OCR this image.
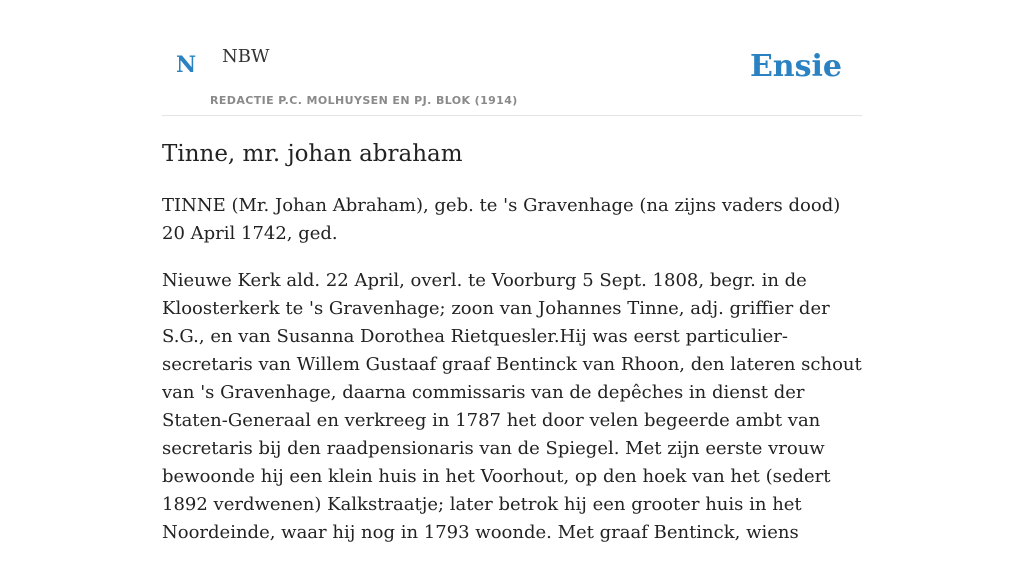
N NBW
REDACTIE P.C. MOLHUYSEN EN PJ. BLOK (1914)
Ensie
Tinne, mr. johan abraham

TINNE (Mr. Johan Abraham), geb. te 's Gravenhage (na zijns vaders dood) 20 April 1742, ged.

Nieuwe Kerk ald. 22 April, overl. te Voorburg 5 Sept. 1808, begr. in de Kloosterkerk te 's Gravenhage; zoon van Johannes Tinne, adj. griffier der S.G., en van Susanna Dorothea Rietquesler.Hij was eerst particulier-secretaris van Willem Gustaaf graaf Bentinck van Rhoon, den lateren schout van 's Gravenhage, daarna commissaris van de depêches in dienst der Staten-Generaal en verkreeg in 1787 het door velen begeerde ambt van secretaris bij den raadpensionaris van de Spiegel. Met zijn eerste vrouw bewoonde hij een klein huis in het Voorhout, op den hoek van het (sedert 1892 verdwenen) Kalkstraatje; later betrok hij een grooter huis in het Noordeinde, waar hij nog in 1793 woonde. Met graaf Bentinck, wiens
